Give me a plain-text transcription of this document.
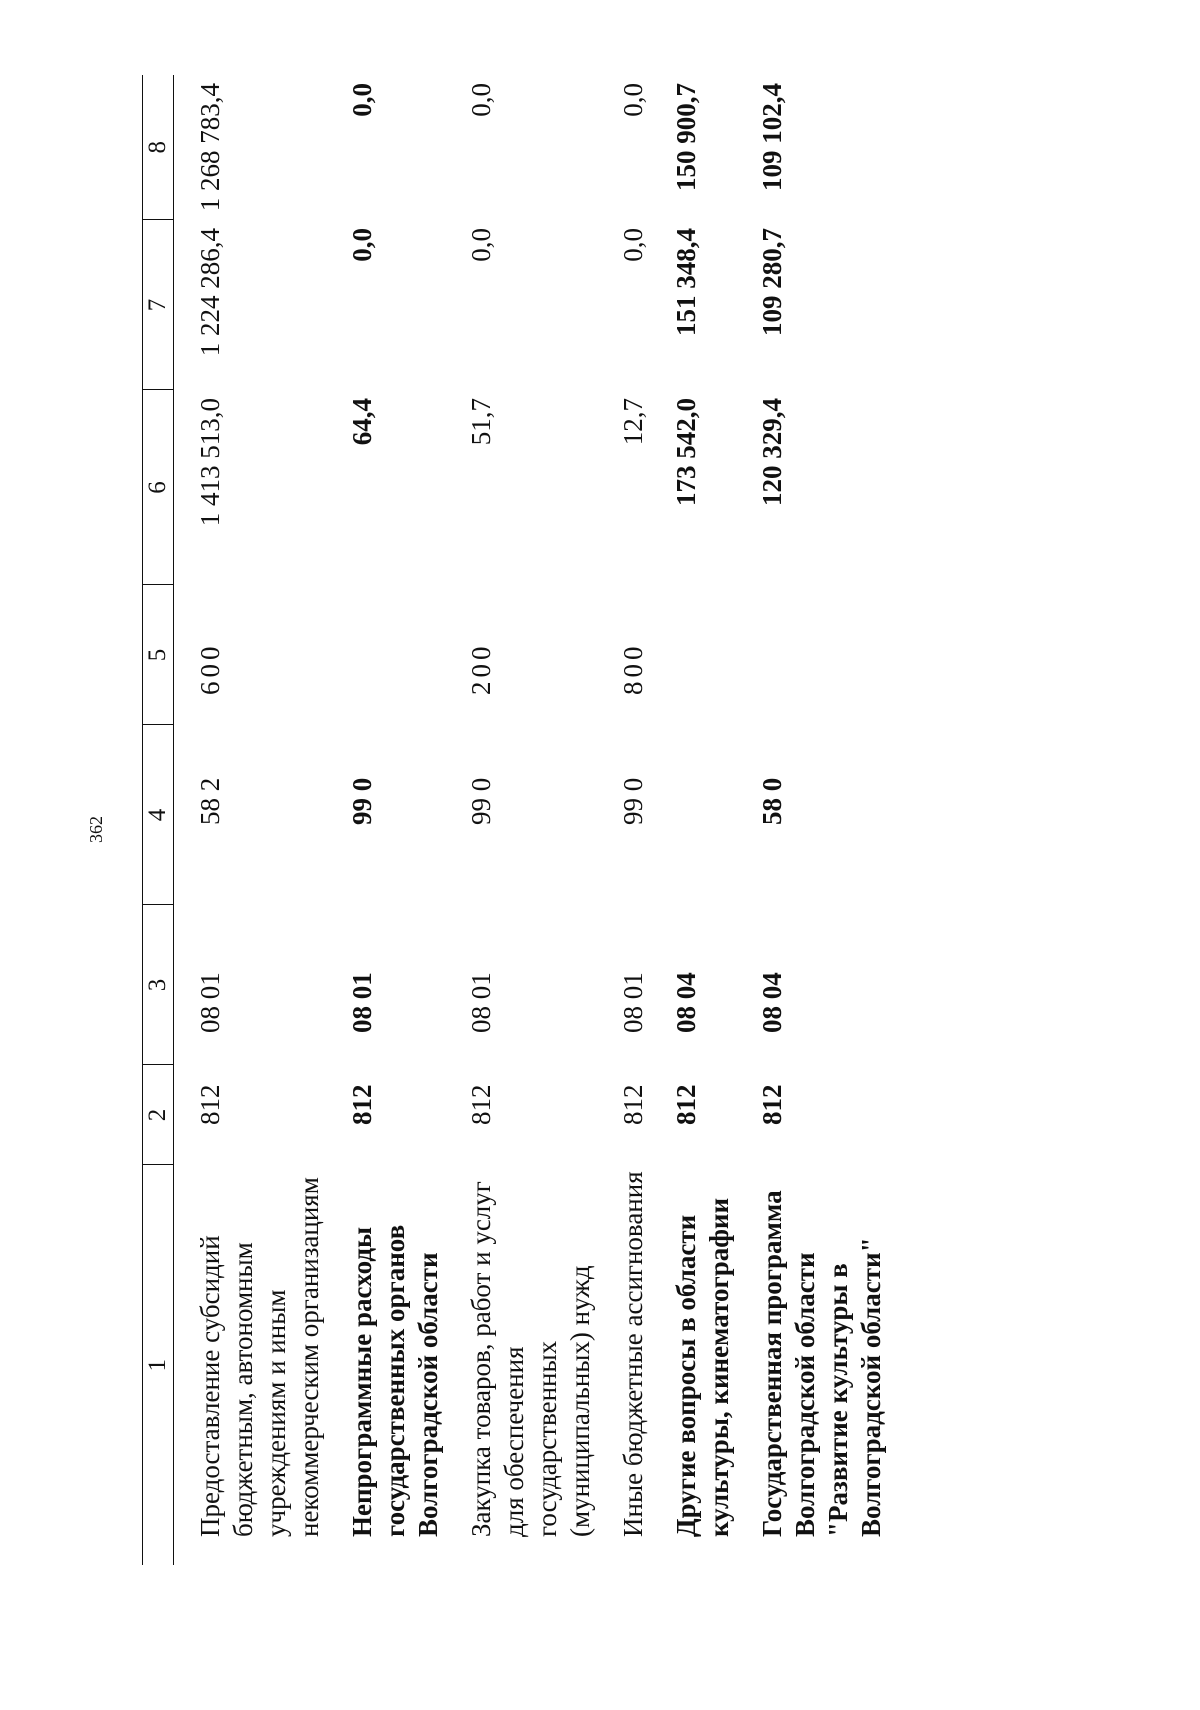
362
1	2	3	4	5	6	7	8
Предоставление субсидий бюджетным, автономным учреждениям и иным некоммерческим организациям	812	08 01	58 2	600	1 413 513,0	1 224 286,4	1 268 783,4
Непрограммные расходы государственных органов Волгоградской области	812	08 01	99 0		64,4	0,0	0,0
Закупка товаров, работ и услуг для обеспечения государственных (муниципальных) нужд	812	08 01	99 0	200	51,7	0,0	0,0
Иные бюджетные ассигнования	812	08 01	99 0	800	12,7	0,0	0,0
Другие вопросы в области культуры, кинематографии	812	08 04			173 542,0	151 348,4	150 900,7
Государственная программа Волгоградской области "Развитие культуры в Волгоградской области"	812	08 04	58 0		120 329,4	109 280,7	109 102,4
